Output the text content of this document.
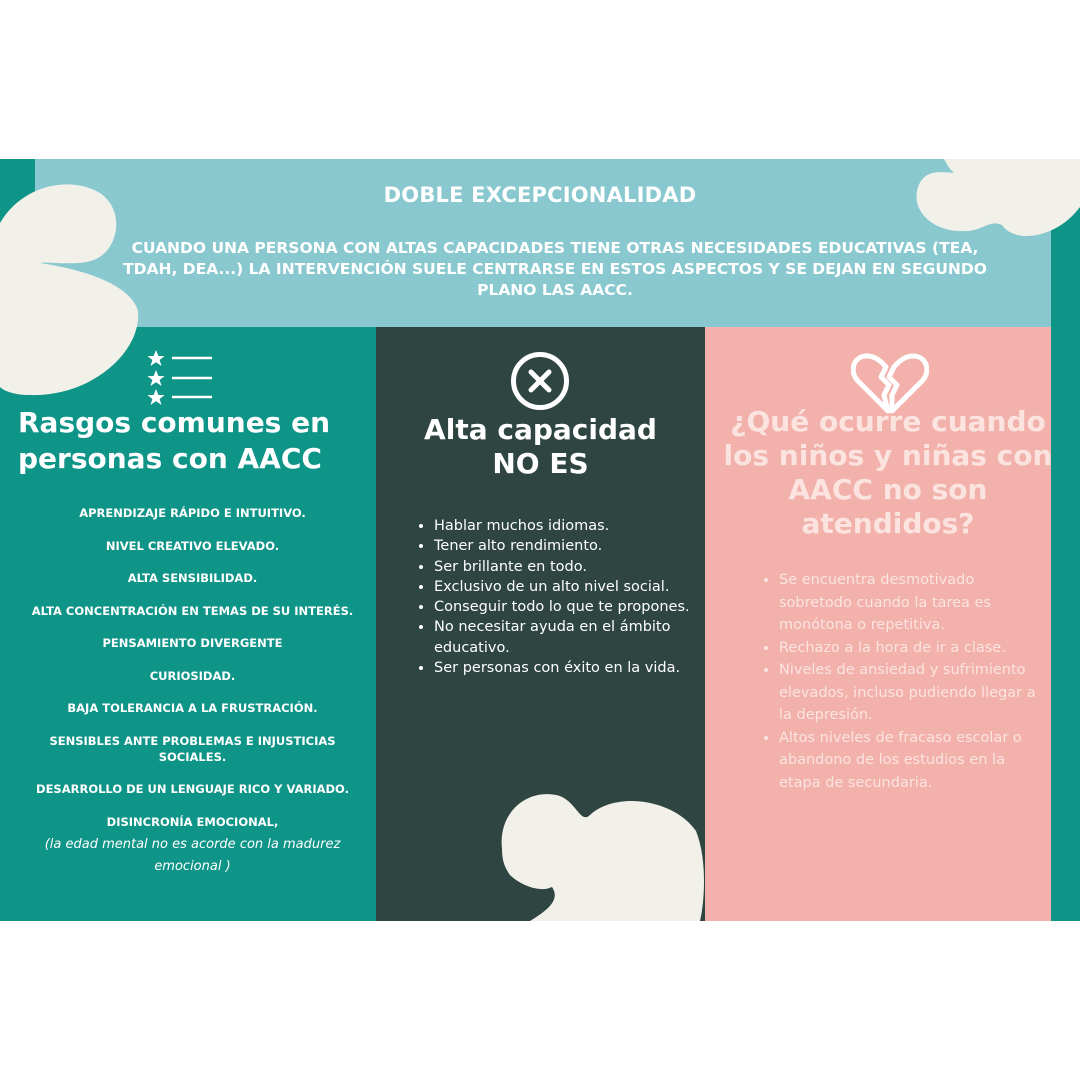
DOBLE EXCEPCIONALIDAD
CUANDO UNA PERSONA CON ALTAS CAPACIDADES TIENE OTRAS NECESIDADES EDUCATIVAS (TEA, TDAH, DEA...) LA INTERVENCIÓN SUELE CENTRARSE EN ESTOS ASPECTOS Y SE DEJAN EN SEGUNDO PLANO LAS AACC.
Rasgos comunes en personas con AACC
APRENDIZAJE RÁPIDO E INTUITIVO.
NIVEL CREATIVO ELEVADO.
ALTA SENSIBILIDAD.
ALTA CONCENTRACIÓN EN TEMAS DE SU INTERÉS.
PENSAMIENTO DIVERGENTE
CURIOSIDAD.
BAJA TOLERANCIA A LA FRUSTRACIÓN.
SENSIBLES ANTE PROBLEMAS E INJUSTICIAS SOCIALES.
DESARROLLO DE UN LENGUAJE RICO Y VARIADO.
DISINCRONÍA EMOCIONAL,
(la edad mental no es acorde con la madurez emocional )
Alta capacidad
NO ES
• Hablar muchos idiomas.
• Tener alto rendimiento.
• Ser brillante en todo.
• Exclusivo de un alto nivel social.
• Conseguir todo lo que te propones.
• No necesitar ayuda en el ámbito educativo.
• Ser personas con éxito en la vida.
¿Qué ocurre cuando los niños y niñas con AACC no son atendidos?
• Se encuentra desmotivado sobretodo cuando la tarea es monótona o repetitiva.
• Rechazo a la hora de ir a clase.
• Niveles de ansiedad y sufrimiento elevados, incluso pudiendo llegar a la depresión.
• Altos niveles de fracaso escolar o abandono de los estudios en la etapa de secundaria.
